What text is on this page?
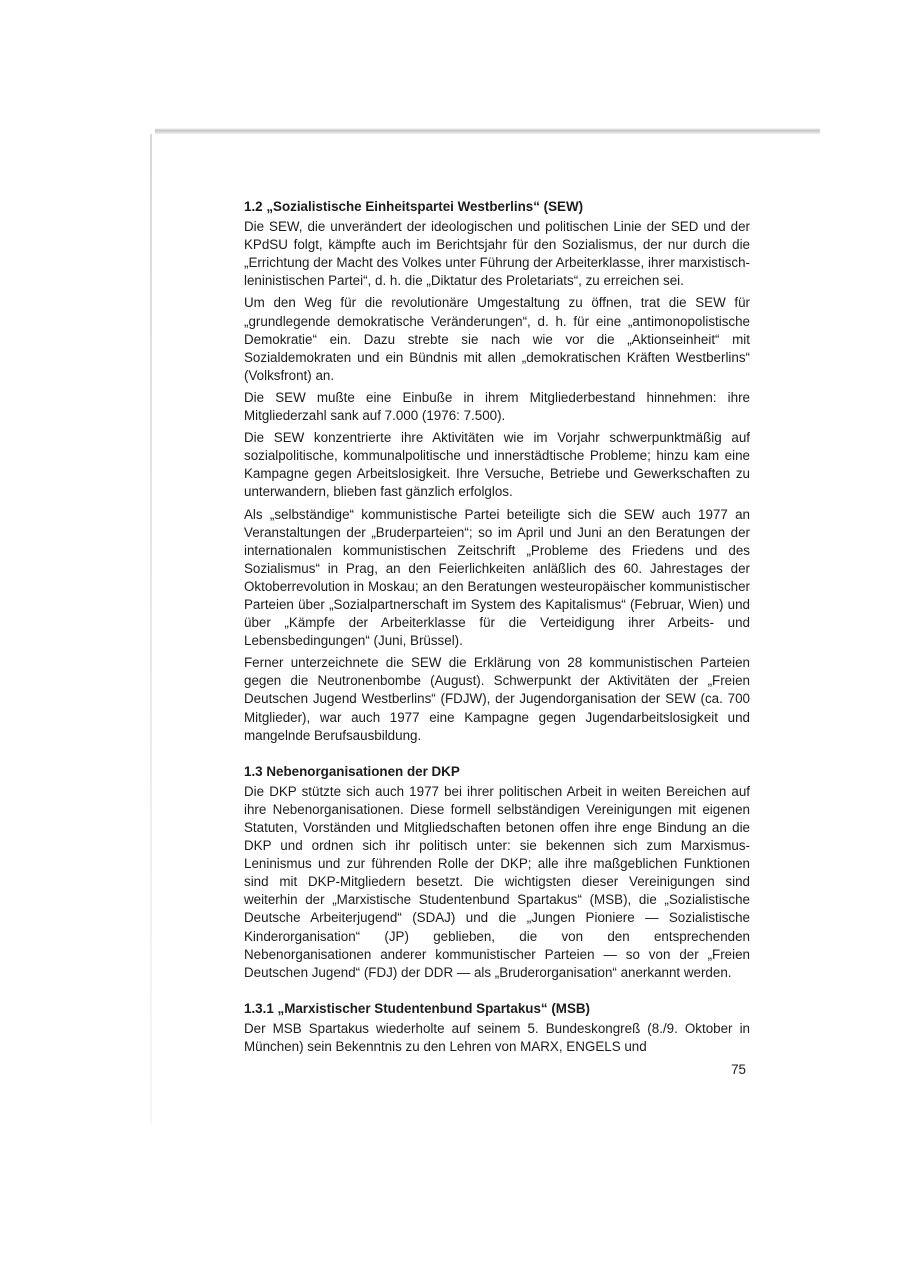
1.2 „Sozialistische Einheitspartei Westberlins“ (SEW)

Die SEW, die unverändert der ideologischen und politischen Linie der SED und der KPdSU folgt, kämpfte auch im Berichtsjahr für den Sozialismus, der nur durch die „Errichtung der Macht des Volkes unter Führung der Arbeiterklasse, ihrer marxistisch-leninistischen Partei“, d. h. die „Diktatur des Proletariats“, zu erreichen sei.

Um den Weg für die revolutionäre Umgestaltung zu öffnen, trat die SEW für „grundlegende demokratische Veränderungen“, d. h. für eine „antimonopolistische Demokratie“ ein. Dazu strebte sie nach wie vor die „Aktionseinheit“ mit Sozialdemokraten und ein Bündnis mit allen „demokratischen Kräften Westberlins“ (Volksfront) an.

Die SEW mußte eine Einbuße in ihrem Mitgliederbestand hinnehmen: ihre Mitgliederzahl sank auf 7.000 (1976: 7.500).

Die SEW konzentrierte ihre Aktivitäten wie im Vorjahr schwerpunktmäßig auf sozialpolitische, kommunalpolitische und innerstädtische Probleme; hinzu kam eine Kampagne gegen Arbeitslosigkeit. Ihre Versuche, Betriebe und Gewerkschaften zu unterwandern, blieben fast gänzlich erfolglos.

Als „selbständige“ kommunistische Partei beteiligte sich die SEW auch 1977 an Veranstaltungen der „Bruderparteien“; so im April und Juni an den Beratungen der internationalen kommunistischen Zeitschrift „Probleme des Friedens und des Sozialismus“ in Prag, an den Feierlichkeiten anläßlich des 60. Jahrestages der Oktoberrevolution in Moskau; an den Beratungen westeuropäischer kommunistischer Parteien über „Sozialpartnerschaft im System des Kapitalismus“ (Februar, Wien) und über „Kämpfe der Arbeiterklasse für die Verteidigung ihrer Arbeits- und Lebensbedingungen“ (Juni, Brüssel).

Ferner unterzeichnete die SEW die Erklärung von 28 kommunistischen Parteien gegen die Neutronenbombe (August). Schwerpunkt der Aktivitäten der „Freien Deutschen Jugend Westberlins“ (FDJW), der Jugendorganisation der SEW (ca. 700 Mitglieder), war auch 1977 eine Kampagne gegen Jugendarbeitslosigkeit und mangelnde Berufsausbildung.

1.3 Nebenorganisationen der DKP

Die DKP stützte sich auch 1977 bei ihrer politischen Arbeit in weiten Bereichen auf ihre Nebenorganisationen. Diese formell selbständigen Vereinigungen mit eigenen Statuten, Vorständen und Mitgliedschaften betonen offen ihre enge Bindung an die DKP und ordnen sich ihr politisch unter: sie bekennen sich zum Marxismus-Leninismus und zur führenden Rolle der DKP; alle ihre maßgeblichen Funktionen sind mit DKP-Mitgliedern besetzt. Die wichtigsten dieser Vereinigungen sind weiterhin der „Marxistische Studentenbund Spartakus“ (MSB), die „Sozialistische Deutsche Arbeiterjugend“ (SDAJ) und die „Jungen Pioniere — Sozialistische Kinderorganisation“ (JP) geblieben, die von den entsprechenden Nebenorganisationen anderer kommunistischer Parteien — so von der „Freien Deutschen Jugend“ (FDJ) der DDR — als „Bruderorganisation“ anerkannt werden.

1.3.1 „Marxistischer Studentenbund Spartakus“ (MSB)

Der MSB Spartakus wiederholte auf seinem 5. Bundeskongreß (8./9. Oktober in München) sein Bekenntnis zu den Lehren von MARX, ENGELS und

75
